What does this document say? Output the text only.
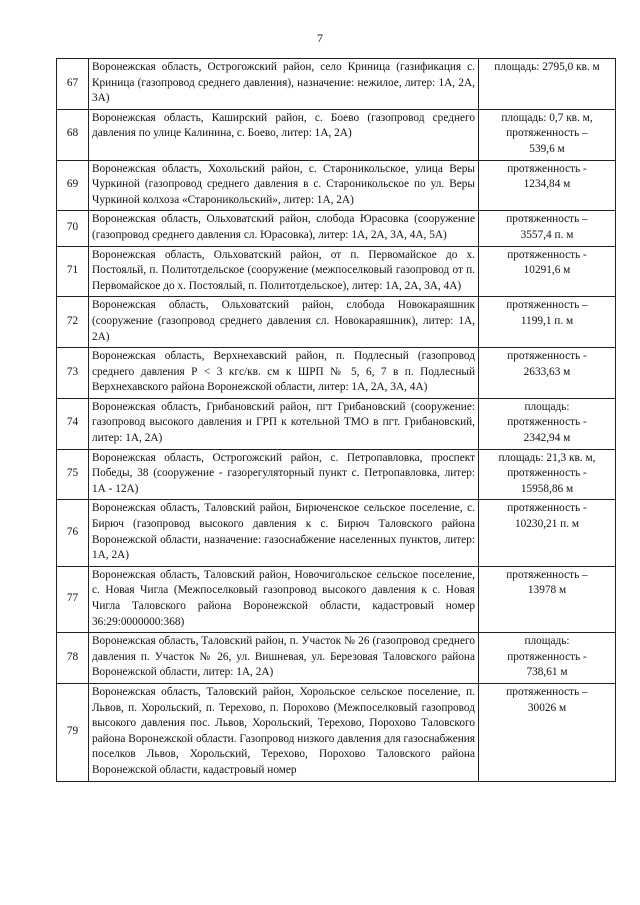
7
67	Воронежская область, Острогожский район, село Криница (газификация с. Криница (газопровод среднего давления), назначение: нежилое, литер: 1А, 2А, 3А)	площадь: 2795,0 кв. м

68	Воронежская область, Каширский район, с. Боево (газопровод среднего давления по улице Калинина, с. Боево, литер: 1А, 2А)	площадь: 0,7 кв. м,
протяженность –
539,6 м

69	Воронежская область, Хохольский район, с. Староникольское, улица Веры Чуркиной (газопровод среднего давления в с. Староникольское по ул. Веры Чуркиной колхоза «Староникольский», литер: 1А, 2А)	протяженность -
1234,84 м

70	Воронежская область, Ольховатский район, слобода Юрасовка (сооружение (газопровод среднего давления сл. Юрасовка), литер: 1А, 2А, 3А, 4А, 5А)	протяженность –
3557,4 п. м

71	Воронежская область, Ольховатский район, от п. Первомайское до х. Постояльй, п. Политотдельское (сооружение (межпоселковый газопровод от п. Первомайское до х. Постоялый, п. Политотдельское), литер: 1А, 2А, 3А, 4А)	протяженность -
10291,6 м

72	Воронежская область, Ольховатский район, слобода Новокараяшник (сооружение (газопровод среднего давления сл. Новокараяшник), литер: 1А, 2А)	протяженность –
1199,1 п. м

73	Воронежская область, Верхнехавский район, п. Подлесный (газопровод среднего давления Р < 3 кгс/кв. см к ШРП № 5, 6, 7 в п. Подлесный Верхнехавского района Воронежской области, литер: 1А, 2А, 3А, 4А)	протяженность -
2633,63 м

74	Воронежская область, Грибановский район, пгт Грибановский (сооружение: газопровод высокого давления и ГРП к котельной ТМО в пгт. Грибановский, литер: 1А, 2А)	площадь:
протяженность -
2342,94 м

75	Воронежская область, Острогожский район, с. Петропавловка, проспект Победы, 38 (сооружение - газорегуляторный пункт с. Петропавловка, литер: 1А - 12А)	площадь: 21,3 кв. м,
протяженность -
15958,86 м

76	Воронежская область, Таловский район, Бирюченское сельское поселение, с. Бирюч (газопровод высокого давления к с. Бирюч Таловского района Воронежской области, назначение: газоснабжение населенных пунктов, литер: 1А, 2А)	протяженность -
10230,21 п. м

77	Воронежская область, Таловский район, Новочигольское сельское поселение, с. Новая Чигла (Межпоселковый газопровод высокого давления к с. Новая Чигла Таловского района Воронежской области, кадастровый номер 36:29:0000000:368)	протяженность –
13978 м

78	Воронежская область, Таловский район, п. Участок № 26 (газопровод среднего давления п. Участок № 26, ул. Вишневая, ул. Березовая Таловского района Воронежской области, литер: 1А, 2А)	площадь:
протяженность -
738,61 м

79	Воронежская область, Таловский район, Хорольское сельское поселение, п. Львов, п. Хорольский, п. Терехово, п. Порохово (Межпоселковый газопровод высокого давления пос. Львов, Хорольский, Терехово, Порохово Таловского района Воронежской области. Газопровод низкого давления для газоснабжения поселков Львов, Хорольский, Терехово, Порохово Таловского района Воронежской области, кадастровый номер	протяженность –
30026 м
